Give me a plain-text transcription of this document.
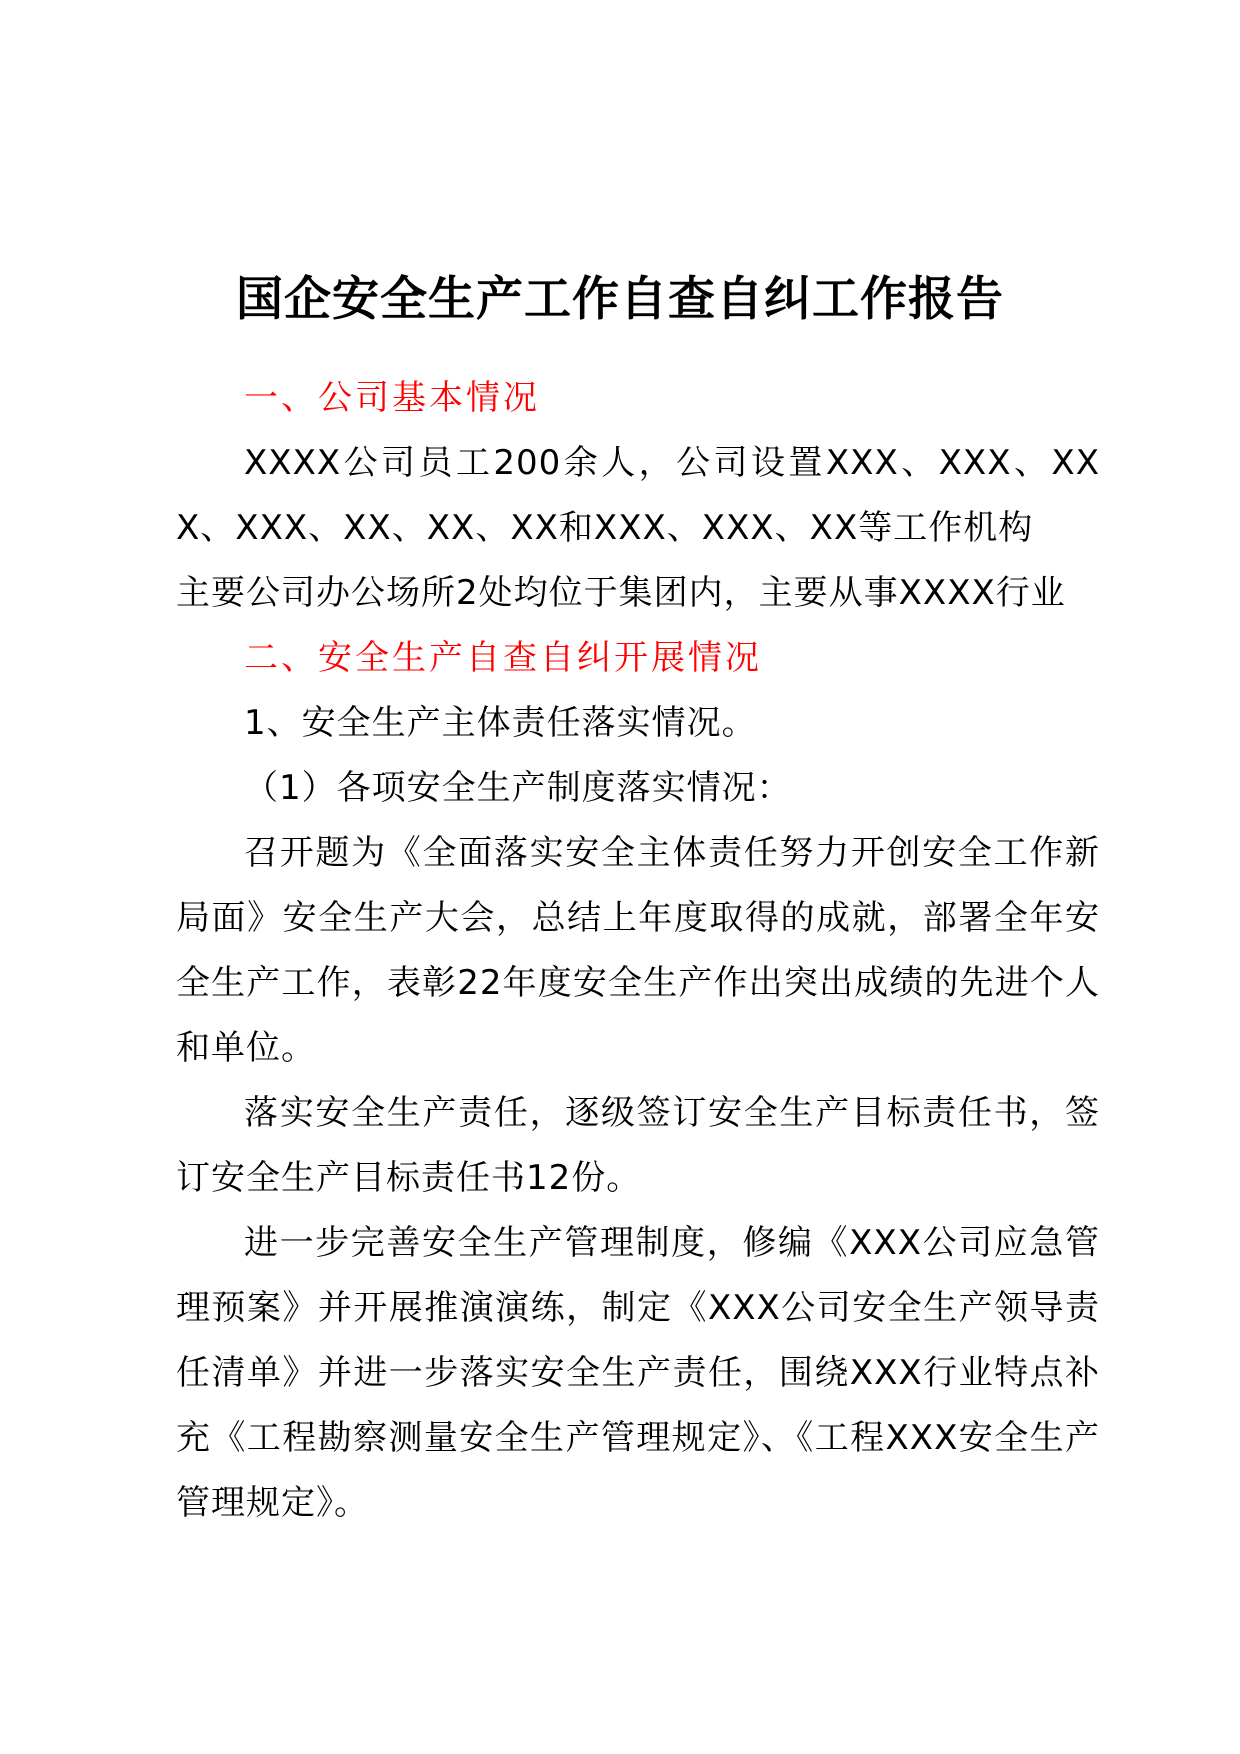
国企安全生产工作自查自纠工作报告

一、公司基本情况

XXXX公司员工200余人，公司设置XXX、XXX、XXX、XXX、XX、XX、XX和XXX、XXX、XX等工作机构

主要公司办公场所2处均位于集团内，主要从事XXXX行业

二、安全生产自查自纠开展情况

1、安全生产主体责任落实情况。

（1）各项安全生产制度落实情况：

召开题为《全面落实安全主体责任努力开创安全工作新局面》安全生产大会，总结上年度取得的成就，部署全年安全生产工作，表彰22年度安全生产作出突出成绩的先进个人和单位。

落实安全生产责任，逐级签订安全生产目标责任书，签订安全生产目标责任书12份。

进一步完善安全生产管理制度，修编《XXX公司应急管理预案》并开展推演演练，制定《XXX公司安全生产领导责任清单》并进一步落实安全生产责任，围绕XXX行业特点补充《工程勘察测量安全生产管理规定》、《工程XXX安全生产管理规定》。
